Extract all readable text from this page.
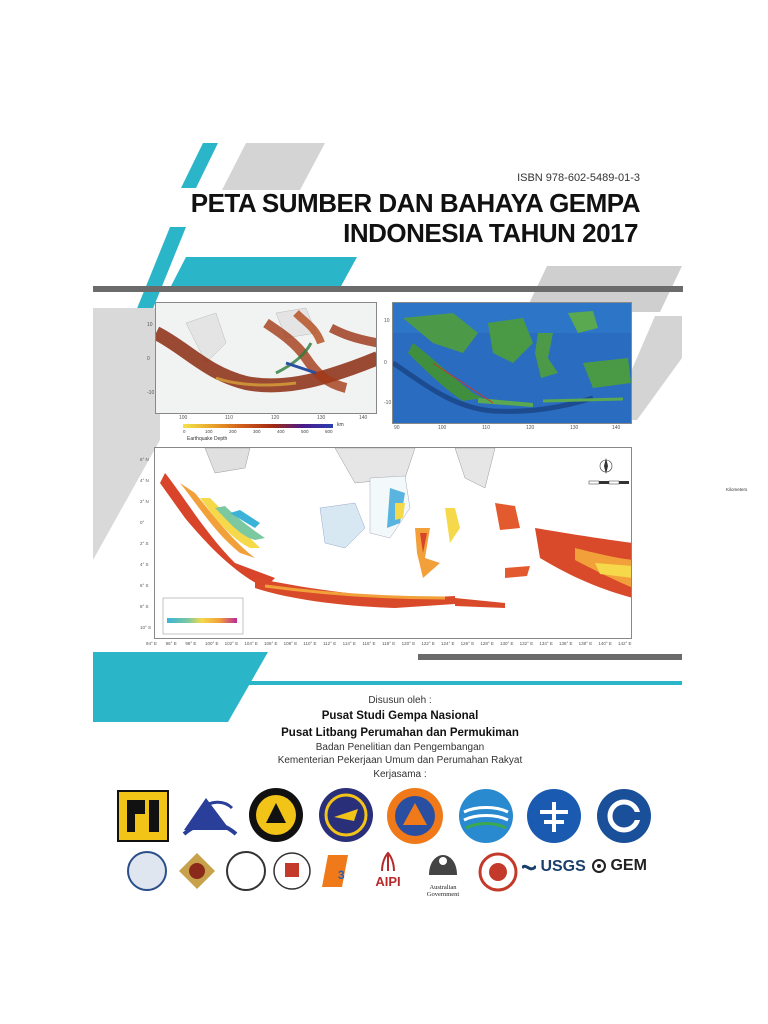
ISBN 978-602-5489-01-3
PETA SUMBER DAN BAHAYA GEMPA
INDONESIA TAHUN 2017
10
0
-10
100	110	120	130	140
km
0	100	200	300	400	500	600
Earthquake Depth
10
0
-10
90	100	110	120	130	140
Kilometers
6° N
4° N
2° N
0°
2° S
4° S
6° S
8° S
10° S
94° E 96° E 98° E 100° E 102° E 104° E 106° E 108° E 110° E 112° E 114° E 116° E 118° E 120° E 122° E 124° E 126° E 128° E 130° E 132° E 134° E 136° E 138° E 140° E 142° E
Disusun oleh :
Pusat Studi Gempa Nasional
Pusat Litbang Perumahan dan Permukiman
Badan Penelitian dan Pengembangan
Kementerian Pekerjaan Umum dan Perumahan Rakyat
Kerjasama :
3	AIPI	Australian Government
USGS	GEM
